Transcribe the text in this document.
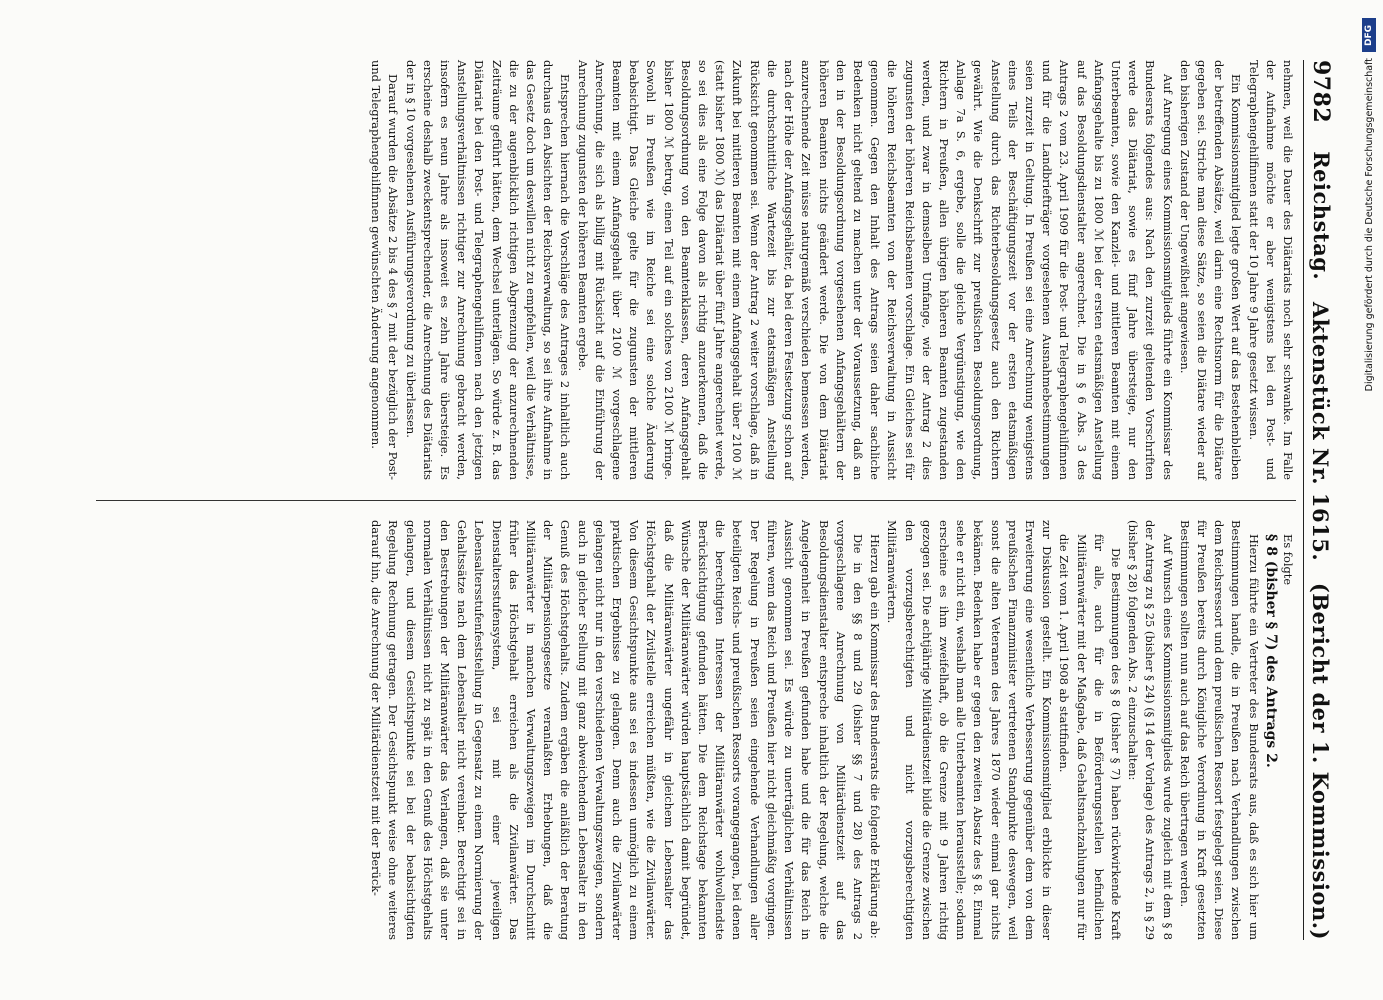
9782
Reichstag.
Aktenstück Nr. 1615.
(Bericht der 1. Kommission.)

nehmen, weil die Dauer des Diätariats noch sehr schwanke. Im Falle der Aufnahme möchte er aber wenigstens bei den Post- und Telegraphengehilfinnen statt der 10 Jahre 9 Jahre gesetzt wissen.

Ein Kommissionsmitglied legte großen Wert auf das Bestehenbleiben der betreffenden Absätze, weil darin eine Rechtsnorm für die Diätare gegeben sei. Striche man diese Sätze, so seien die Diätare wieder auf den bisherigen Zustand der Ungewißheit angewiesen.

Auf Anregung eines Kommissionsmitglieds führte ein Kommissar des Bundesrats folgendes aus: Nach den zurzeit geltenden Vorschriften werde das Diätariat, sowie es fünf Jahre übersteige, nur den Unterbeamten, sowie den Kanzlei- und mittleren Beamten mit einem Anfangsgehalte bis zu 1800 ℳ bei der ersten etatsmäßigen Anstellung auf das Besoldungsdienstalter angerechnet. Die in § 6 Abs. 3 des Antrags 2 vom 23. April 1909 für die Post- und Telegraphengehilfinnen und für die Landbriefträger vorgesehenen Ausnahmebestimmungen seien zurzeit in Geltung. In Preußen sei eine Anrechnung wenigstens eines Teils der Beschäftigungszeit vor der ersten etatsmäßigen Anstellung durch das Richterbesoldungsgesetz auch den Richtern gewährt. Wie die Denkschrift zur preußischen Besoldungsordnung, Anlage 7a S. 6, ergebe, solle die gleiche Vergünstigung, wie den Richtern in Preußen, allen übrigen höheren Beamten zugestanden werden, und zwar in demselben Umfange, wie der Antrag 2 dies zugunsten der höheren Reichsbeamten vorschlage. Ein Gleiches sei für die höheren Reichsbeamten von der Reichsverwaltung in Aussicht genommen. Gegen den Inhalt des Antrags seien daher sachliche Bedenken nicht geltend zu machen unter der Voraussetzung, daß an den in der Besoldungsordnung vorgesehenen Anfangsgehältern der höheren Beamten nichts geändert werde. Die von dem Diätariat anzurechnende Zeit müsse naturgemäß verschieden bemessen werden, nach der Höhe der Anfangsgehälter, da bei deren Festsetzung schon auf die durchschnittliche Wartezeit bis zur etatsmäßigen Anstellung Rücksicht genommen sei. Wenn der Antrag 2 weiter vorschlage, daß in Zukunft bei mittleren Beamten mit einem Anfangsgehalt über 2100 ℳ (statt bisher 1800 ℳ) das Diätariat über fünf Jahre angerechnet werde, so sei dies als eine Folge davon als richtig anzuerkennen, daß die Besoldungsordnung von den Beamtenklassen, deren Anfangsgehalt bisher 1800 ℳ betrug, einen Teil auf ein solches von 2100 ℳ bringe. Sowohl in Preußen wie im Reiche sei eine solche Änderung beabsichtigt. Das Gleiche gelte für die zugunsten der mittleren Beamten mit einem Anfangsgehalt über 2100 ℳ vorgeschlagene Anrechnung, die sich als billig mit Rücksicht auf die Einführung der Anrechnung zugunsten der höheren Beamten ergebe.

Entsprechen hiernach die Vorschläge des Antrages 2 inhaltlich auch durchaus den Absichten der Reichsverwaltung, so sei ihre Aufnahme in das Gesetz doch um deswillen nicht zu empfehlen, weil die Verhältnisse, die zu der augenblicklich richtigen Abgrenzung der anzurechnenden Zeiträume geführt hätten, dem Wechsel unterlägen. So würde z. B. das Diätariat bei den Post- und Telegraphengehilfinnen nach den jetzigen Anstellungsverhältnissen richtiger zur Anrechnung gebracht werden, insofern es neun Jahre als insoweit es zehn Jahre übersteige. Es erscheine deshalb zweckentsprechender, die Anrechnung des Diätariats der in § 10 vorgesehenen Ausführungsverordnung zu überlassen.

Darauf wurden die Absätze 2 bis 4 des § 7 mit der bezüglich der Post- und Telegraphengehilfinnen gewünschten Änderung angenommen.

Es folgte

§ 8 (bisher § 7) des Antrags 2.

Hierzu führte ein Vertreter des Bundesrats aus, daß es sich hier um Bestimmungen handle, die in Preußen nach Verhandlungen zwischen dem Reichsressort und dem preußischen Ressort festgelegt seien. Diese für Preußen bereits durch Königliche Verordnung in Kraft gesetzten Bestimmungen sollten nun auch auf das Reich übertragen werden.

Auf Wunsch eines Kommissionsmitglieds wurde zugleich mit dem § 8 der Antrag zu § 25 (bisher § 24) (§ 14 der Vorlage) des Antrags 2, in § 29 (bisher § 28) folgenden Abs. 2 einzuschalten:

Die Bestimmungen des § 8 (bisher § 7) haben rückwirkende Kraft für alle, auch für die in Beförderungsstellen befindlichen Militäranwärter mit der Maßgabe, daß Gehaltsnachzahlungen nur für die Zeit vom 1. April 1908 ab stattfinden.

zur Diskussion gestellt. Ein Kommissionsmitglied erblickte in dieser Erweiterung eine wesentliche Verbesserung gegenüber dem von dem preußischen Finanzminister vertretenen Standpunkte deswegen, weil sonst die alten Veteranen des Jahres 1870 wieder einmal gar nichts bekämen. Bedenken habe er gegen den zweiten Absatz des § 8. Einmal sehe er nicht ein, weshalb man alle Unterbeamten herausstelle; sodann erscheine es ihm zweifelhaft, ob die Grenze mit 9 Jahren richtig gezogen sei. Die achtjährige Militärdienstzeit bilde die Grenze zwischen den vorzugsberechtigten und nicht vorzugsberechtigten Militäranwärtern.

Hierzu gab ein Kommissar des Bundesrats die folgende Erklärung ab:

Die in den §§ 8 und 29 (bisher §§ 7 und 28) des Antrags 2 vorgeschlagene Anrechnung von Militärdienstzeit auf das Besoldungsdienstalter entspreche inhaltlich der Regelung, welche die Angelegenheit in Preußen gefunden habe und die für das Reich in Aussicht genommen sei. Es würde zu unerträglichen Verhältnissen führen, wenn das Reich und Preußen hier nicht gleichmäßig vorgingen. Der Regelung in Preußen seien eingehende Verhandlungen aller beteiligten Reichs- und preußischen Ressorts vorangegangen, bei denen die berechtigten Interessen der Militäranwärter wohlwollendste Berücksichtigung gefunden hätten. Die dem Reichstage bekannten Wünsche der Militäranwärter würden hauptsächlich damit begründet, daß die Militäranwärter ungefähr in gleichem Lebensalter das Höchstgehalt der Zivilstelle erreichen müßten, wie die Zivilanwärter. Von diesem Gesichtspunkte aus sei es indessen unmöglich zu einem praktischen Ergebnisse zu gelangen. Denn auch die Zivilanwärter gelangen nicht nur in den verschiedenen Verwaltungszweigen, sondern auch in gleicher Stellung mit ganz abweichendem Lebensalter in den Genuß des Höchstgehalts. Zudem ergäben die anläßlich der Beratung der Militärpensionsgesetze veranlaßten Erhebungen, daß die Militäranwärter in manchen Verwaltungszweigen im Durchschnitt früher das Höchstgehalt erreichen als die Zivilanwärter. Das Dienstaltersstufensystem, sei mit einer jeweiligen Lebensaltersstufenfeststellung in Gegensatz zu einem Normierung der Gehaltssätze nach dem Lebensalter nicht vereinbar. Berechtigt sei in den Bestrebungen der Militäranwärter das Verlangen, daß sie unter normalen Verhältnissen nicht zu spät in den Genuß des Höchstgehalts gelangen, und diesem Gesichtspunkte sei bei der beabsichtigten Regelung Rechnung getragen. Der Gesichtspunkt weise ohne weiteres darauf hin, die Anrechnung der Militärdienstzeit mit der Berück-

DFG
Digitalisierung gefördert durch die Deutsche Forschungsgemeinschaft
